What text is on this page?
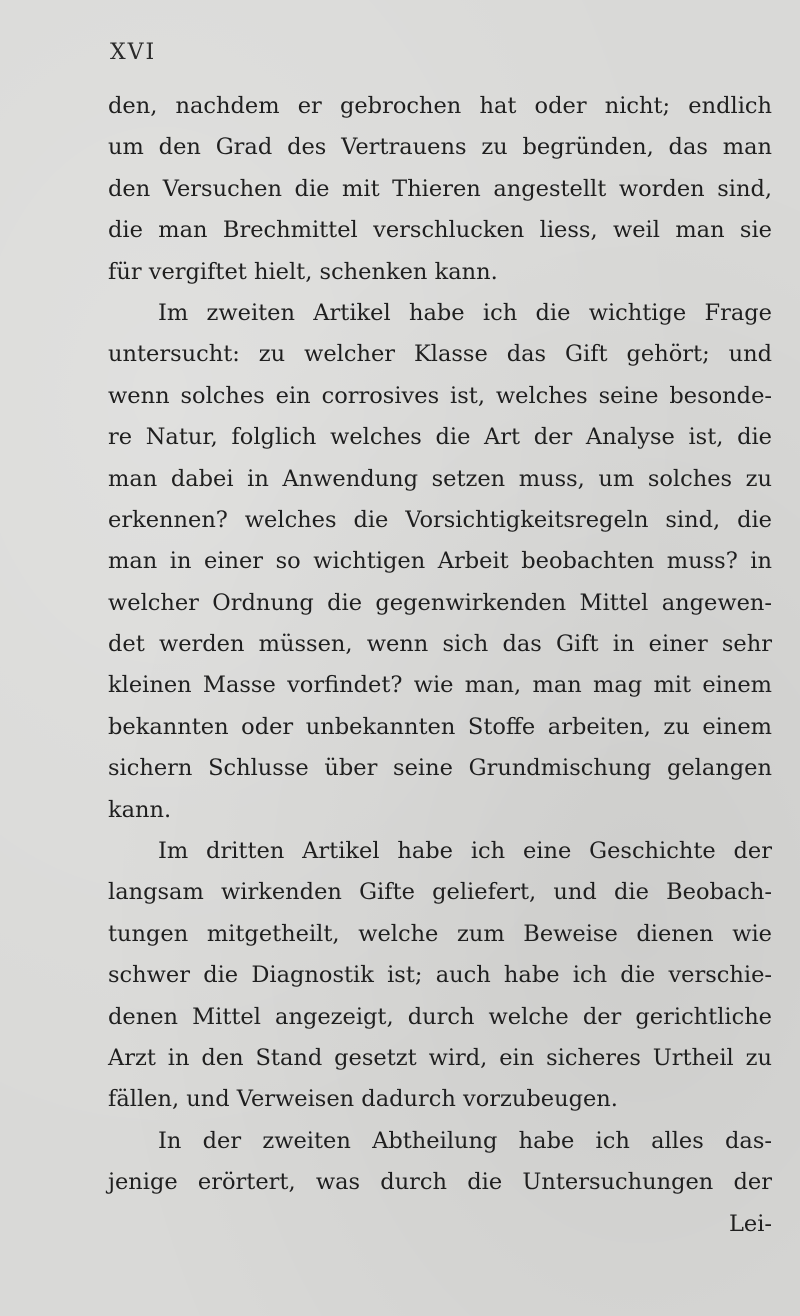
XVI
den, nachdem er gebrochen hat oder nicht; endlich
um den Grad des Vertrauens zu begründen, das man
den Versuchen die mit Thieren angestellt worden sind,
die man Brechmittel verschlucken liess, weil man sie
für vergiftet hielt, schenken kann.
Im zweiten Artikel habe ich die wichtige Frage
untersucht: zu welcher Klasse das Gift gehört; und
wenn solches ein corrosives ist, welches seine besonde-
re Natur, folglich welches die Art der Analyse ist, die
man dabei in Anwendung setzen muss, um solches zu
erkennen? welches die Vorsichtigkeitsregeln sind, die
man in einer so wichtigen Arbeit beobachten muss? in
welcher Ordnung die gegenwirkenden Mittel angewen-
det werden müssen, wenn sich das Gift in einer sehr
kleinen Masse vorfindet? wie man, man mag mit einem
bekannten oder unbekannten Stoffe arbeiten, zu einem
sichern Schlusse über seine Grundmischung gelangen
kann.
Im dritten Artikel habe ich eine Geschichte der
langsam wirkenden Gifte geliefert, und die Beobach-
tungen mitgetheilt, welche zum Beweise dienen wie
schwer die Diagnostik ist; auch habe ich die verschie-
denen Mittel angezeigt, durch welche der gerichtliche
Arzt in den Stand gesetzt wird, ein sicheres Urtheil zu
fällen, und Verweisen dadurch vorzubeugen.
In der zweiten Abtheilung habe ich alles das-
jenige erörtert, was durch die Untersuchungen der
Lei-
